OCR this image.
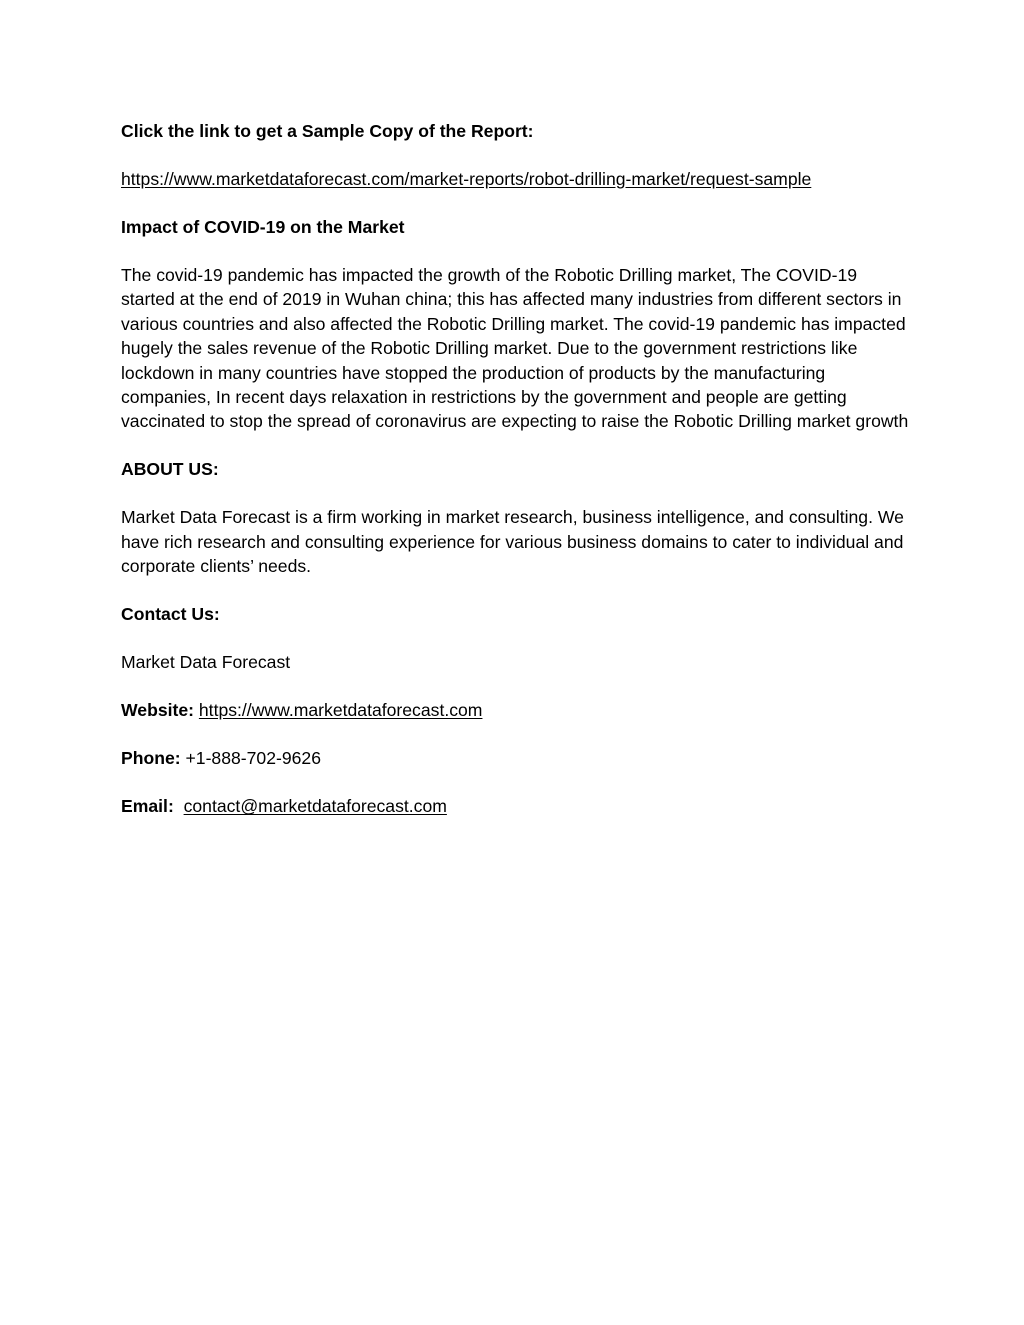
Click the link to get a Sample Copy of the Report:

https://www.marketdataforecast.com/market-reports/robot-drilling-market/request-sample

Impact of COVID-19 on the Market

The covid-19 pandemic has impacted the growth of the Robotic Drilling market, The COVID-19 started at the end of 2019 in Wuhan china; this has affected many industries from different sectors in various countries and also affected the Robotic Drilling market. The covid-19 pandemic has impacted hugely the sales revenue of the Robotic Drilling market. Due to the government restrictions like lockdown in many countries have stopped the production of products by the manufacturing companies, In recent days relaxation in restrictions by the government and people are getting vaccinated to stop the spread of coronavirus are expecting to raise the Robotic Drilling market growth

ABOUT US:

Market Data Forecast is a firm working in market research, business intelligence, and consulting. We have rich research and consulting experience for various business domains to cater to individual and corporate clients’ needs.

Contact Us:

Market Data Forecast

Website: https://www.marketdataforecast.com

Phone: +1-888-702-9626

Email: contact@marketdataforecast.com
